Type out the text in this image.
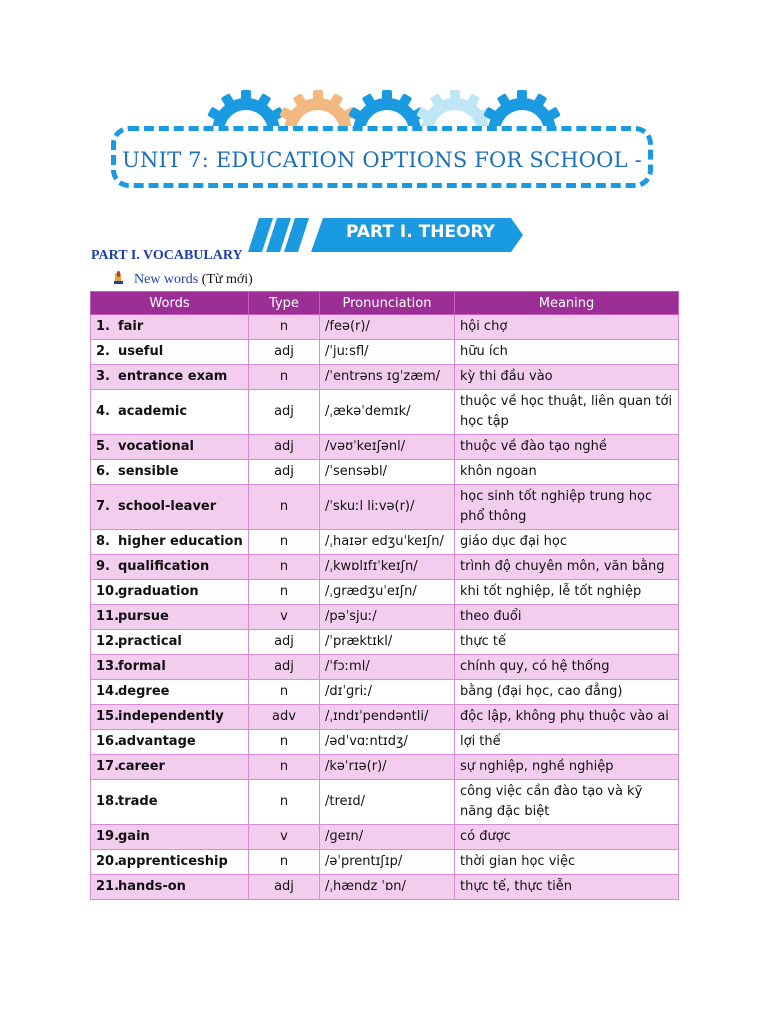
UNIT 7: EDUCATION OPTIONS FOR SCHOOL -
PART I. THEORY
PART I. VOCABULARY
New words (Từ mới)
Words	Type	Pronunciation	Meaning
1. fair	n	/feə(r)/	hội chợ
2. useful	adj	/ˈjuːsfl/	hữu ích
3. entrance exam	n	/ˈentrəns ɪɡˈzæm/	kỳ thi đầu vào
4. academic	adj	/ˌækəˈdemɪk/	thuộc về học thuật, liên quan tới học tập
5. vocational	adj	/vəʊˈkeɪʃənl/	thuộc về đào tạo nghề
6. sensible	adj	/ˈsensəbl/	khôn ngoan
7. school-leaver	n	/ˈskuːl liːvə(r)/	học sinh tốt nghiệp trung học phổ thông
8. higher education	n	/ˌhaɪər edʒuˈkeɪʃn/	giáo dục đại học
9. qualification	n	/ˌkwɒlɪfɪˈkeɪʃn/	trình độ chuyên môn, văn bằng
10.graduation	n	/ˌɡrædʒuˈeɪʃn/	khi tốt nghiệp, lễ tốt nghiệp
11.pursue	v	/pəˈsjuː/	theo đuổi
12.practical	adj	/ˈpræktɪkl/	thực tế
13.formal	adj	/ˈfɔːml/	chính quy, có hệ thống
14.degree	n	/dɪˈɡriː/	bằng (đại học, cao đẳng)
15.independently	adv	/ˌɪndɪˈpendəntli/	độc lập, không phụ thuộc vào ai
16.advantage	n	/ədˈvɑːntɪdʒ/	lợi thế
17.career	n	/kəˈrɪə(r)/	sự nghiệp, nghề nghiệp
18.trade	n	/treɪd/	công việc cần đào tạo và kỹ năng đặc biệt
19.gain	v	/ɡeɪn/	có được
20.apprenticeship	n	/əˈprentɪʃɪp/	thời gian học việc
21.hands-on	adj	/ˌhændz ˈɒn/	thực tế, thực tiễn
